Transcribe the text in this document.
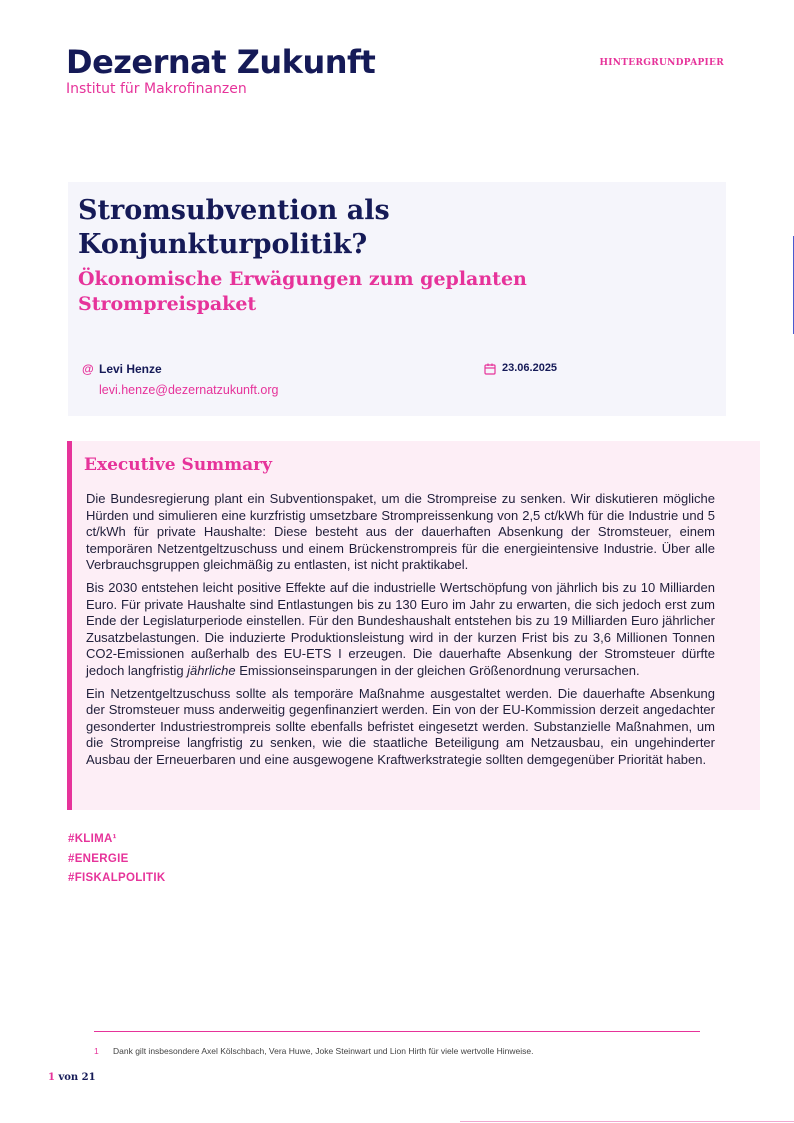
Dezernat Zukunft
Institut für Makrofinanzen
HINTERGRUNDPAPIER
Stromsubvention als
Konjunkturpolitik?
Ökonomische Erwägungen zum geplanten
Strompreispaket
@ Levi Henze
levi.henze@dezernatzukunft.org
23.06.2025
Executive Summary

Die Bundesregierung plant ein Subventionspaket, um die Strompreise zu senken. Wir diskutieren mögliche Hürden und simulieren eine kurzfristig umsetzbare Strompreissenkung von 2,5 ct/kWh für die Industrie und 5 ct/kWh für private Haushalte: Diese besteht aus der dauerhaften Absenkung der Stromsteuer, einem temporären Netzentgeltzuschuss und einem Brückenstrompreis für die energieintensive Industrie. Über alle Verbrauchsgruppen gleichmäßig zu entlasten, ist nicht praktikabel.

Bis 2030 entstehen leicht positive Effekte auf die industrielle Wertschöpfung von jährlich bis zu 10 Milliarden Euro. Für private Haushalte sind Entlastungen bis zu 130 Euro im Jahr zu erwarten, die sich jedoch erst zum Ende der Legislaturperiode einstellen. Für den Bundeshaushalt entstehen bis zu 19 Milliarden Euro jährlicher Zusatzbelastungen. Die induzierte Produktionsleistung wird in der kurzen Frist bis zu 3,6 Millionen Tonnen CO2-Emissionen außerhalb des EU-ETS I erzeugen. Die dauerhafte Absenkung der Stromsteuer dürfte jedoch langfristig jährliche Emissionseinsparungen in der gleichen Größenordnung verursachen.

Ein Netzentgeltzuschuss sollte als temporäre Maßnahme ausgestaltet werden. Die dauerhafte Absenkung der Stromsteuer muss anderweitig gegenfinanziert werden. Ein von der EU-Kommission derzeit angedachter gesonderter Industriestrompreis sollte ebenfalls befristet eingesetzt werden. Substanzielle Maßnahmen, um die Strompreise langfristig zu senken, wie die staatliche Beteiligung am Netzausbau, ein ungehinderter Ausbau der Erneuerbaren und eine ausgewogene Kraftwerkstrategie sollten demgegenüber Priorität haben.

#KLIMA¹
#ENERGIE
#FISKALPOLITIK
1 Dank gilt insbesondere Axel Kölschbach, Vera Huwe, Joke Steinwart und Lion Hirth für viele wertvolle Hinweise.
1 von 21
